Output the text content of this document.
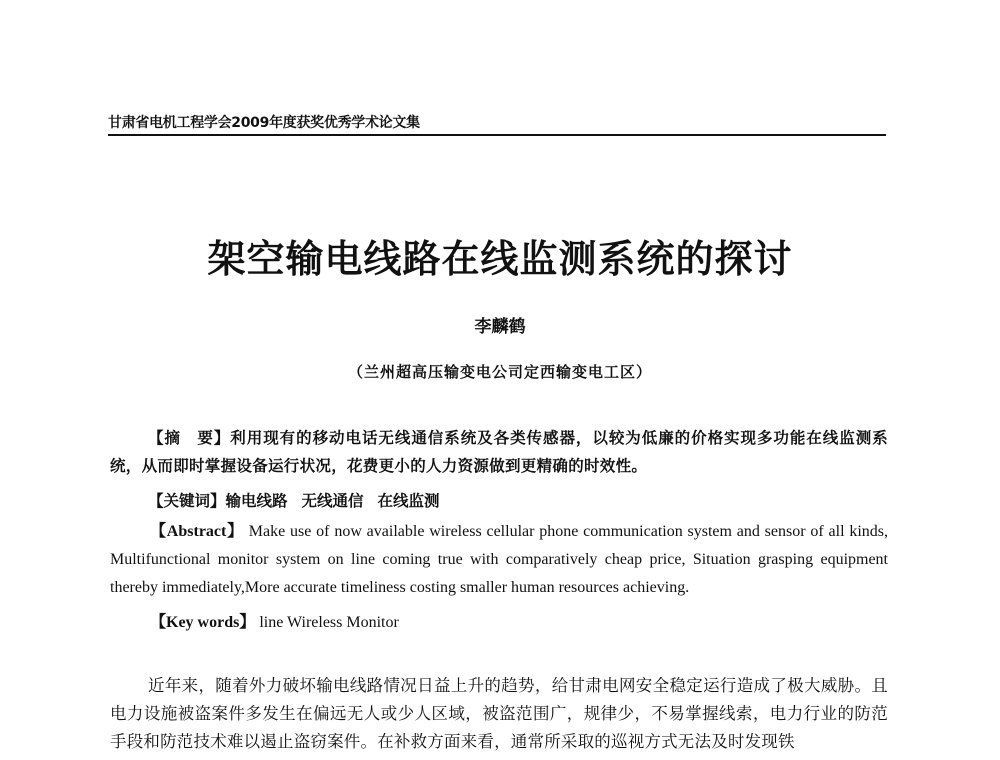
甘肃省电机工程学会2009年度获奖优秀学术论文集
架空输电线路在线监测系统的探讨
李麟鹤
（兰州超高压输变电公司定西输变电工区）
【摘　要】利用现有的移动电话无线通信系统及各类传感器，以较为低廉的价格实现多功能在线监测系统，从而即时掌握设备运行状况，花费更小的人力资源做到更精确的时效性。
【关键词】输电线路 无线通信 在线监测
【Abstract】 Make use of now available wireless cellular phone communication system and sensor of all kinds, Multifunctional monitor system on line coming true with comparatively cheap price, Situation grasping equipment thereby immediately,More accurate timeliness costing smaller human resources achieving.
【Key words】 line Wireless Monitor
近年来，随着外力破坏输电线路情况日益上升的趋势，给甘肃电网安全稳定运行造成了极大威胁。且电力设施被盗案件多发生在偏远无人或少人区域，被盗范围广，规律少，不易掌握线索，电力行业的防范手段和防范技术难以遏止盗窃案件。在补救方面来看，通常所采取的巡视方式无法及时发现铁
